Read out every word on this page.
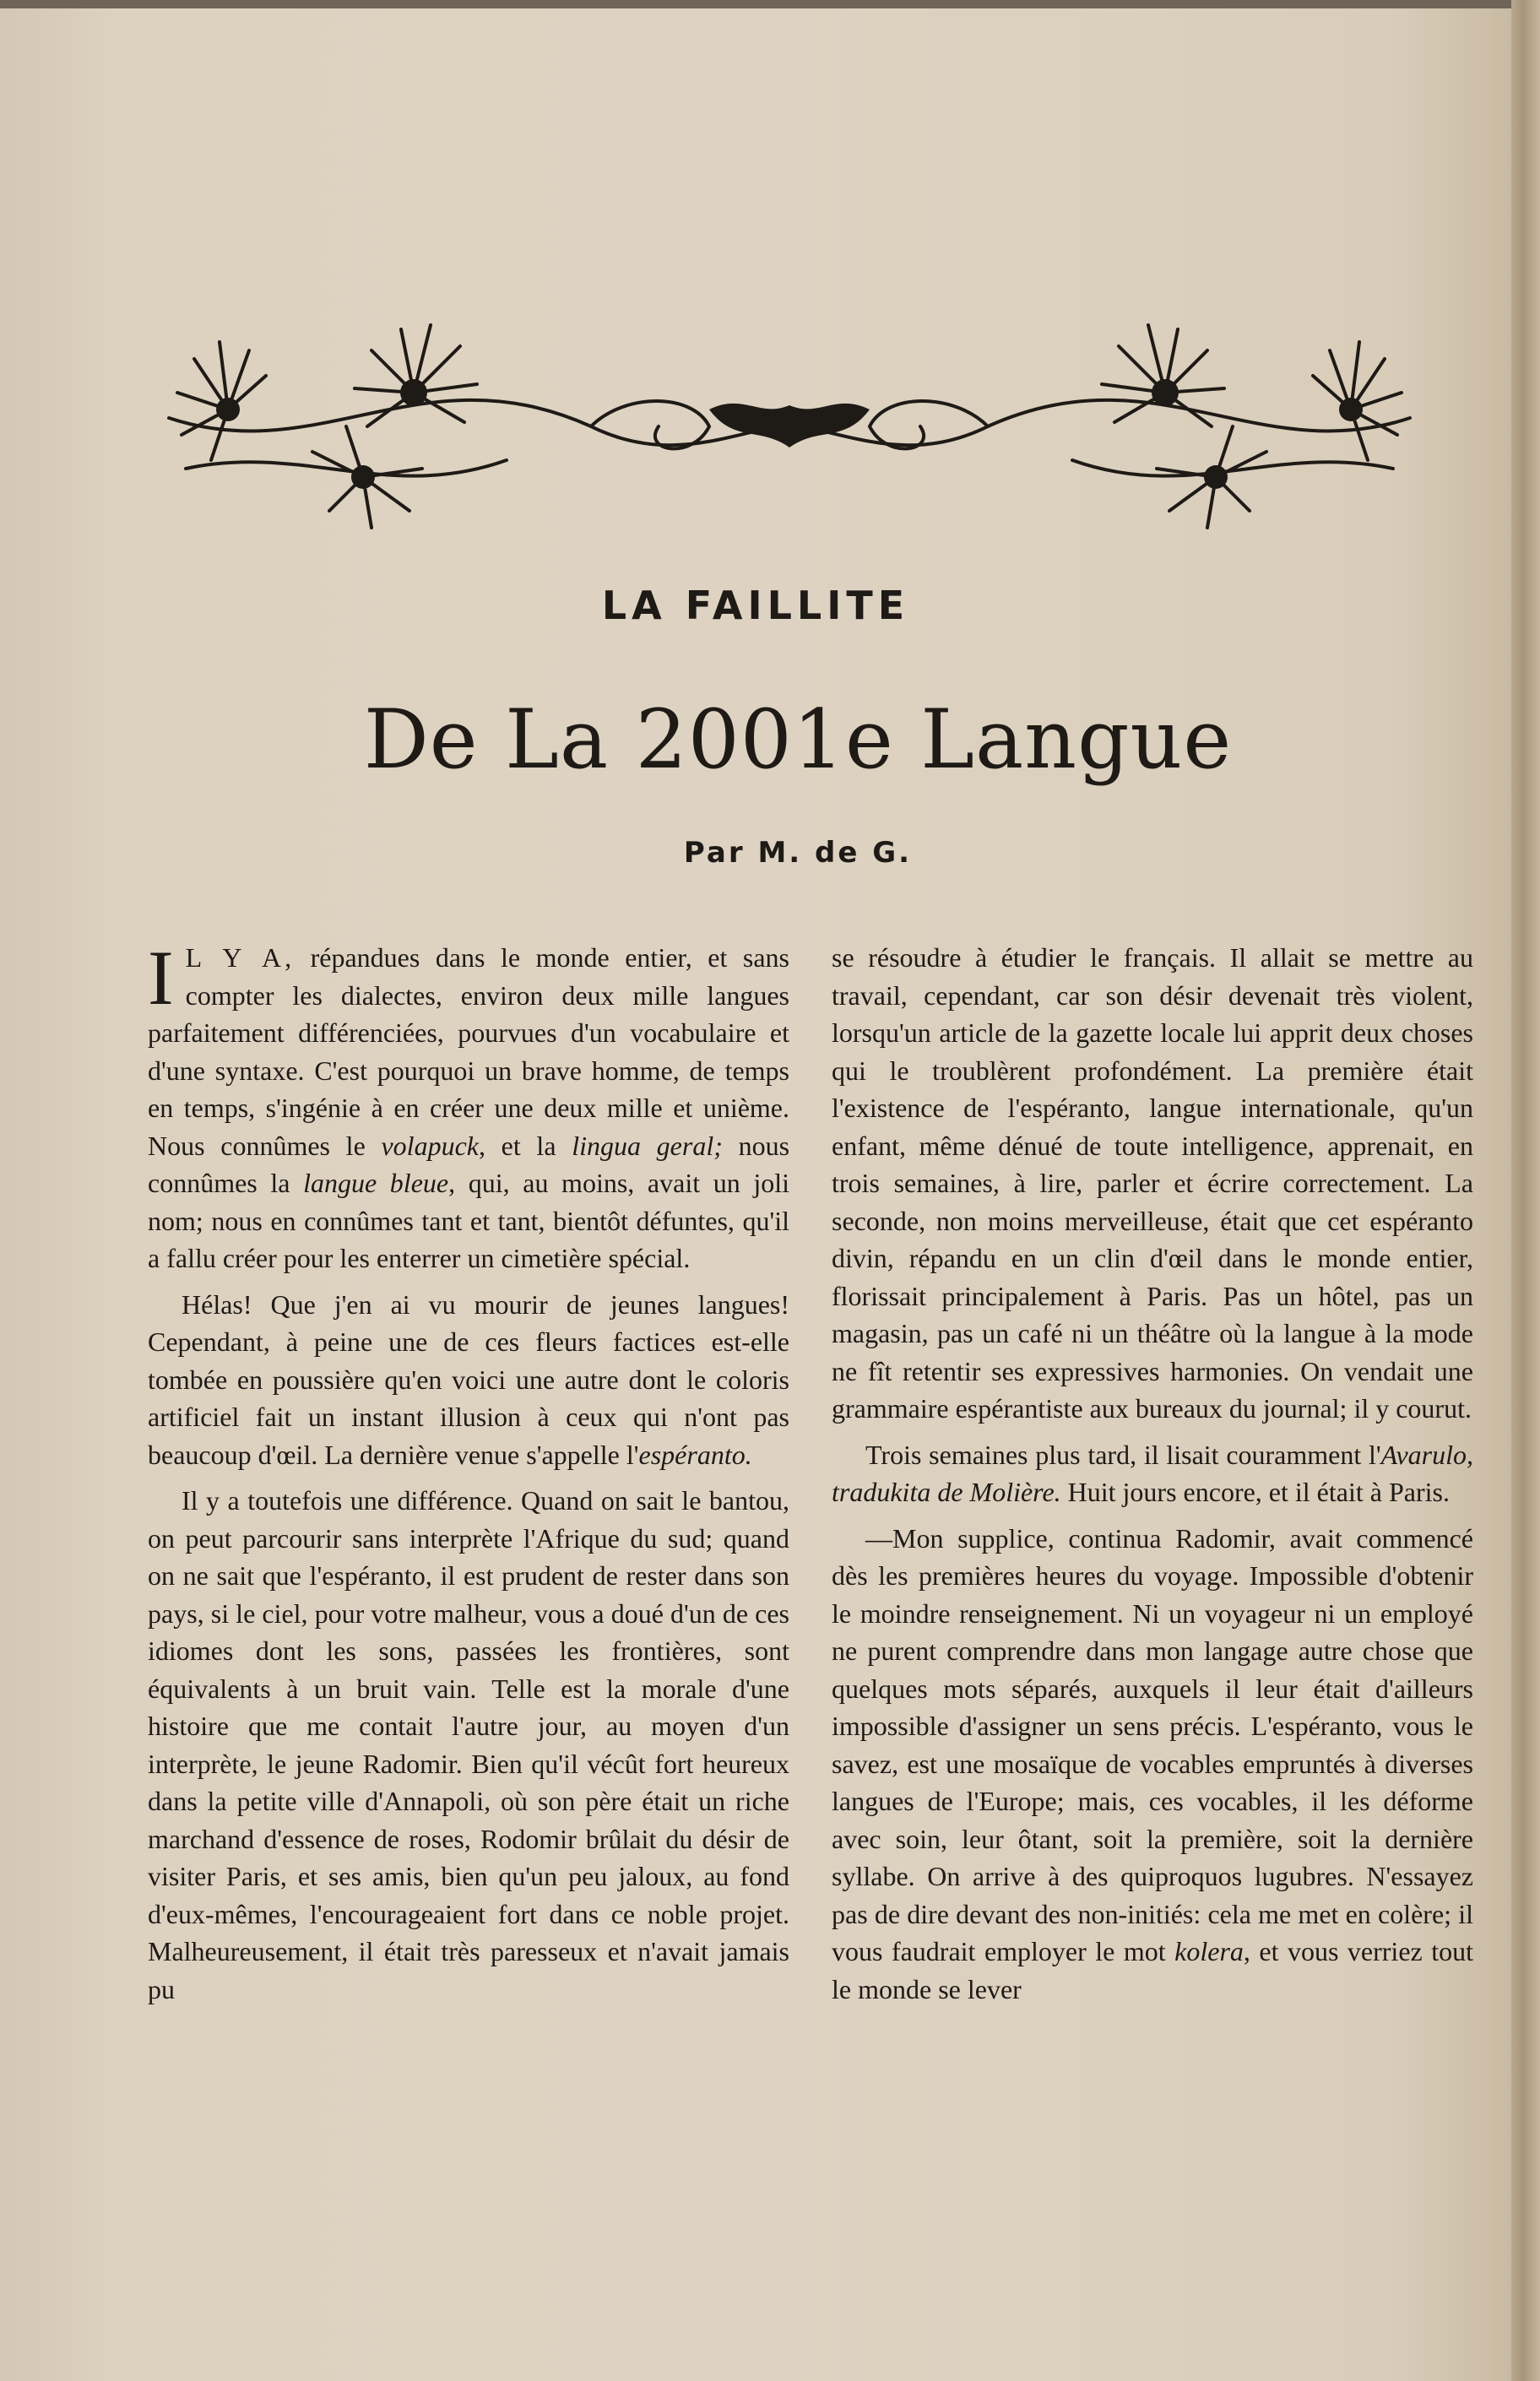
LA FAILLITE
De La 2001e Langue
Par M. de G.

I L Y A, répandues dans le monde entier, et sans compter les dialectes, environ deux mille langues parfaitement différenciées, pourvues d'un vocabulaire et d'une syntaxe. C'est pourquoi un brave homme, de temps en temps, s'ingénie à en créer une deux mille et unième. Nous connûmes le volapuck, et la lingua geral; nous connûmes la langue bleue, qui, au moins, avait un joli nom; nous en connûmes tant et tant, bientôt défuntes, qu'il a fallu créer pour les enterrer un cimetière spécial.

Hélas! Que j'en ai vu mourir de jeunes langues! Cependant, à peine une de ces fleurs factices est-elle tombée en poussière qu'en voici une autre dont le coloris artificiel fait un instant illusion à ceux qui n'ont pas beaucoup d'œil. La dernière venue s'appelle l'espéranto.

Il y a toutefois une différence. Quand on sait le bantou, on peut parcourir sans interprète l'Afrique du sud; quand on ne sait que l'espéranto, il est prudent de rester dans son pays, si le ciel, pour votre malheur, vous a doué d'un de ces idiomes dont les sons, passées les frontières, sont équivalents à un bruit vain. Telle est la morale d'une histoire que me contait l'autre jour, au moyen d'un interprète, le jeune Radomir. Bien qu'il vécût fort heureux dans la petite ville d'Annapoli, où son père était un riche marchand d'essence de roses, Rodomir brûlait du désir de visiter Paris, et ses amis, bien qu'un peu jaloux, au fond d'eux-mêmes, l'encourageaient fort dans ce noble projet. Malheureusement, il était très paresseux et n'avait jamais pu

se résoudre à étudier le français. Il allait se mettre au travail, cependant, car son désir devenait très violent, lorsqu'un article de la gazette locale lui apprit deux choses qui le troublèrent profondément. La première était l'existence de l'espéranto, langue internationale, qu'un enfant, même dénué de toute intelligence, apprenait, en trois semaines, à lire, parler et écrire correctement. La seconde, non moins merveilleuse, était que cet espéranto divin, répandu en un clin d'œil dans le monde entier, florissait principalement à Paris. Pas un hôtel, pas un magasin, pas un café ni un théâtre où la langue à la mode ne fît retentir ses expressives harmonies. On vendait une grammaire espérantiste aux bureaux du journal; il y courut.

Trois semaines plus tard, il lisait couramment l'Avarulo, tradukita de Molière. Huit jours encore, et il était à Paris.

—Mon supplice, continua Radomir, avait commencé dès les premières heures du voyage. Impossible d'obtenir le moindre renseignement. Ni un voyageur ni un employé ne purent comprendre dans mon langage autre chose que quelques mots séparés, auxquels il leur était d'ailleurs impossible d'assigner un sens précis. L'espéranto, vous le savez, est une mosaïque de vocables empruntés à diverses langues de l'Europe; mais, ces vocables, il les déforme avec soin, leur ôtant, soit la première, soit la dernière syllabe. On arrive à des quiproquos lugubres. N'essayez pas de dire devant des non-initiés: cela me met en colère; il vous faudrait employer le mot kolera, et vous verriez tout le monde se lever
